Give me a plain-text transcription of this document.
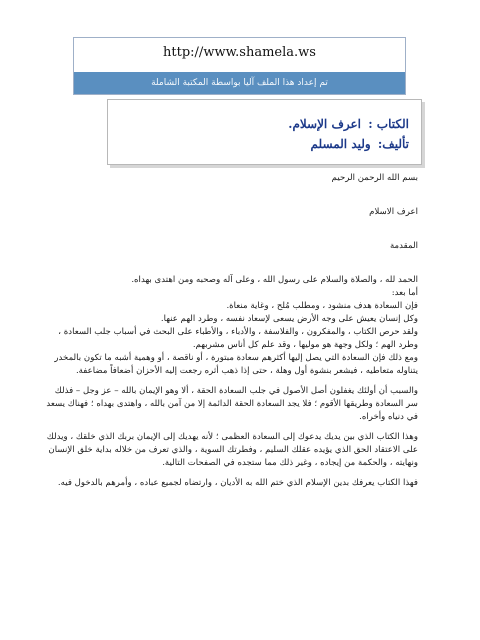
http://www.shamela.ws
تم إعداد هذا الملف آليا بواسطة المكتبة الشاملة
الكتاب : اعرف الإسلام.
تأليف: وليد المسلم

بسم الله الرحمن الرحيم

اعرف الاسلام

المقدمة

الحمد لله ، والصلاة والسلام على رسول الله ، وعلى آله وصحبه ومن اهتدى بهداه.

أما بعد:

فإن السعادة هدف منشود ، ومطلب مُلح ، وغاية منعاة.

وكل إنسان يعيش على وجه الأرض يسعى لإسعاد نفسه ، وطرد الهم عنها.

ولقد حرص الكتاب ، والمفكرون ، والفلاسفة ، والأدباء ، والأطباء على البحث في أسباب جلب السعادة ، وطرد الهم ؛ ولكل وجهة هو موليها ، وقد علم كل أناس مشربهم.

ومع ذلك فإن السعادة التي يصل إليها أكثرهم سعادة مبتورة ، أو ناقصة ، أو وهمية أشبه ما تكون بالمخدر يتناوله متعاطيه ، فيشعر بنشوة أول وهلة ، حتى إذا ذهب أثره رجعت إليه الأحزان أضعافاً مضاعفة.

والسبب أن أولئك يغفلون أصل الأصول في جلب السعادة الحقة ، ألا وهو الإيمان بالله – عز وجل – فذلك سر السعادة وطريقها الأقوم ؛ فلا يجد السعادة الحقة الدائمة إلا من آمن بالله ، واهتدى بهداه ؛ فهناك يسعد في دنياه وأخراه.

وهذا الكتاب الذي بين يديك يدعوك إلى السعادة العظمى ؛ لأنه يهديك إلى الإيمان بربك الذي خلقك ، ويدلك على الاعتقاد الحق الذي يؤيده عقلك السليم ، وفطرتك السوية ، والذي تعرف من خلاله بداية خلق الإنسان ونهايته ، والحكمة من إيجاده ، وغير ذلك مما ستجده في الصفحات التالية.

فهذا الكتاب يعرفك بدين الإسلام الذي ختم الله به الأديان ، وارتضاه لجميع عباده ، وأمرهم بالدخول فيه.
